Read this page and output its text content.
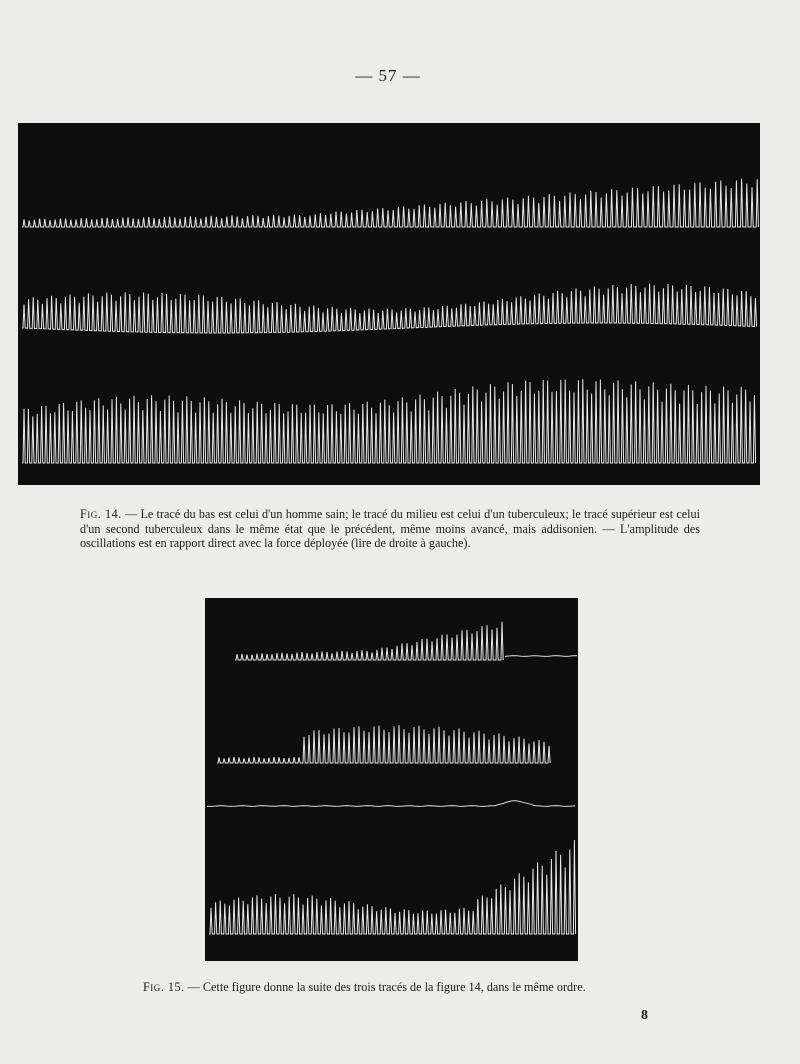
— 57 —
Fig. 14. — Le tracé du bas est celui d'un homme sain; le tracé du milieu est celui d'un tuberculeux; le tracé supérieur est celui d'un second tuberculeux dans le même état que le précédent, même moins avancé, mais addisonien. — L'amplitude des oscillations est en rapport direct avec la force déployée (lire de droite à gauche).
Fig. 15. — Cette figure donne la suite des trois tracés de la figure 14, dans le même ordre.
8
